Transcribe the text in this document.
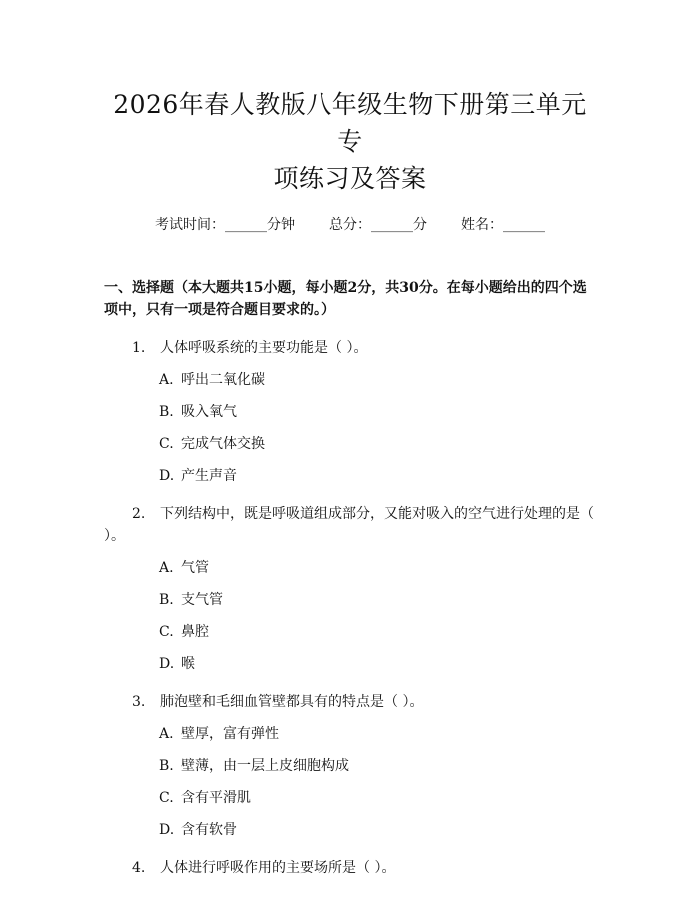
2026年春人教版八年级生物下册第三单元专
项练习及答案
考试时间：______分钟 总分：______分 姓名：______
一、选择题（本大题共15小题，每小题2分，共30分。在每小题给出的四个选项中，只有一项是符合题目要求的。）
1. 人体呼吸系统的主要功能是（ ）。
A. 呼出二氧化碳
B. 吸入氧气
C. 完成气体交换
D. 产生声音
2. 下列结构中，既是呼吸道组成部分，又能对吸入的空气进行处理的是（ ）。
A. 气管
B. 支气管
C. 鼻腔
D. 喉
3. 肺泡壁和毛细血管壁都具有的特点是（ ）。
A. 壁厚，富有弹性
B. 壁薄，由一层上皮细胞构成
C. 含有平滑肌
D. 含有软骨
4. 人体进行呼吸作用的主要场所是（ ）。
